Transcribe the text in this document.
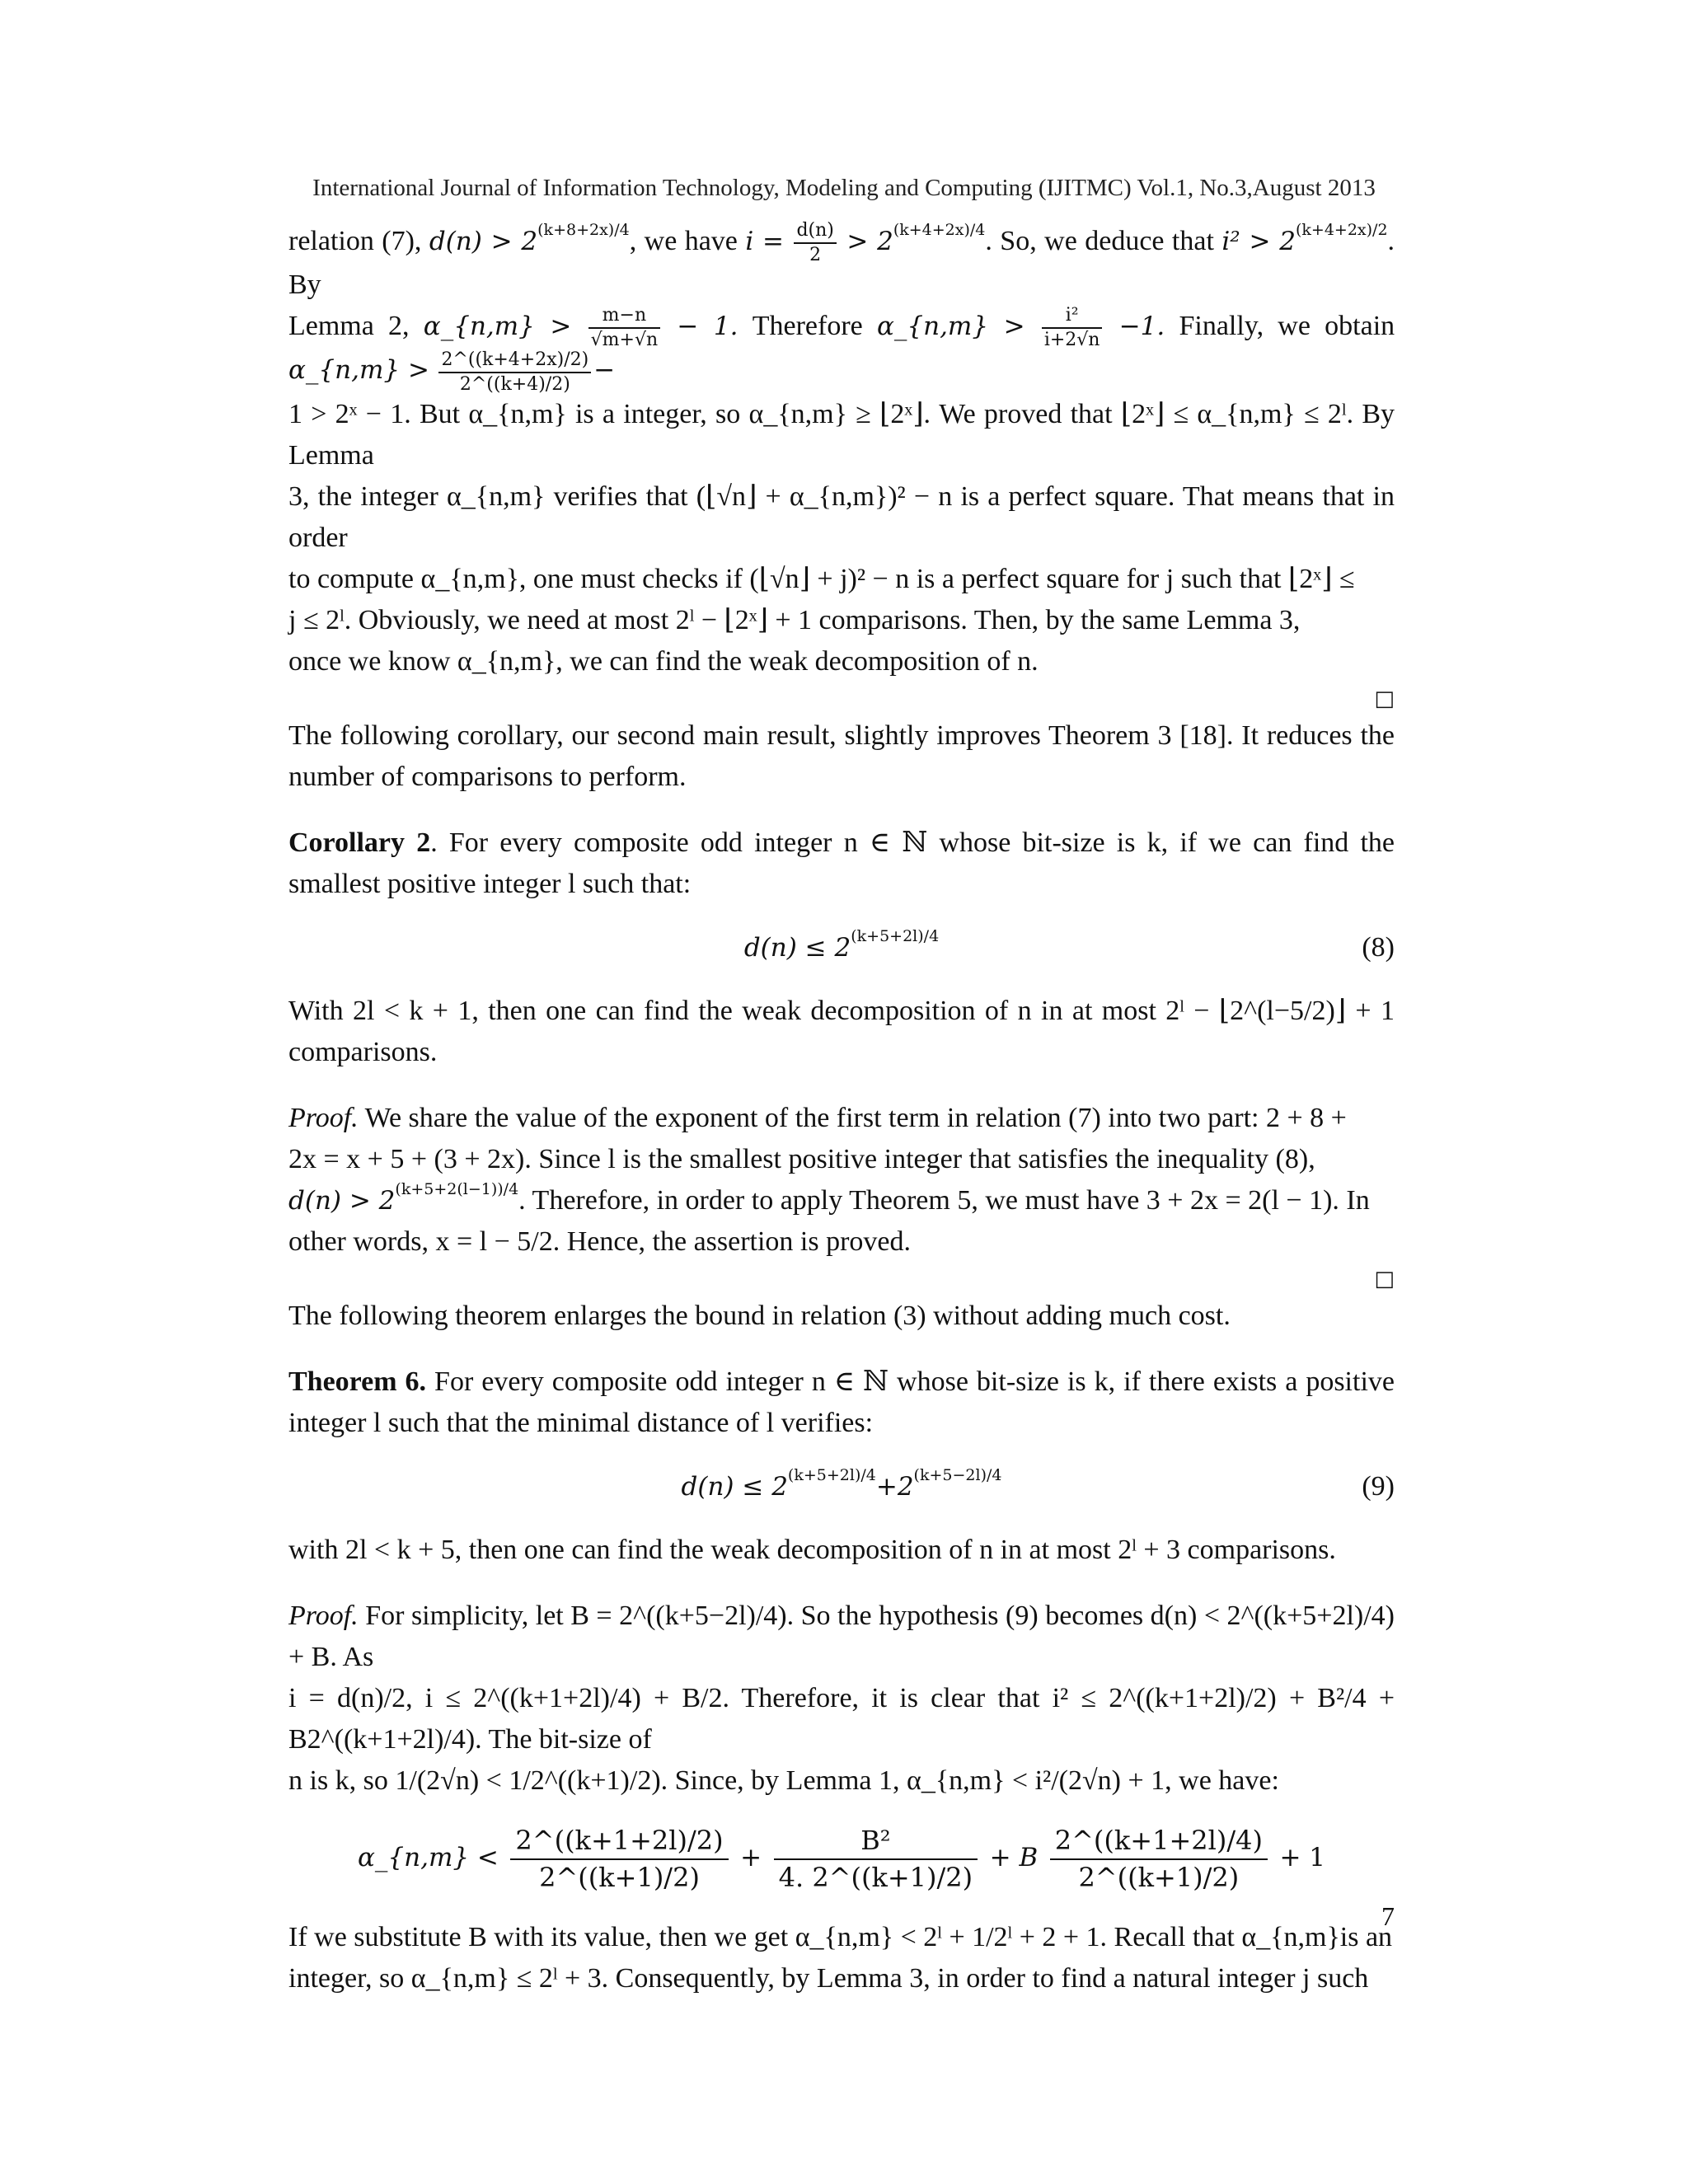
International Journal of Information Technology, Modeling and Computing (IJITMC) Vol.1, No.3,August 2013

relation (7), $d(n) > 2^{(k+8+2x)/4}$, we have $i = \frac{d(n)}{2} > 2^{(k+4+2x)/4}$. So, we deduce that $i^2 > 2^{(k+4+2x)/2}$. By

Lemma 2, α_{n,m} > $\frac{m-n}{√m+√n} - 1$. Therefore α_{n,m} > $\frac{\text{i²}}{i+2√n} -1$. Finally, we obtain α_{n,m} > $\frac{2\^{}((k+4+2x)/2)}{2\^{}((k+4)/2)}$ −

1 > 2ˣ − 1. But α_{n,m} is a integer, so α_{n,m} ≥ ⌊2ˣ⌋. We proved that ⌊2ˣ⌋ ≤ α_{n,m} ≤ 2ˡ. By Lemma

3, the integer α_{n,m} verifies that (⌊√n⌋ + α_{n,m})² − n is a perfect square. That means that in order

to compute α_{n,m}, one must checks if (⌊√n⌋ + j)² − n is a perfect square for j such that ⌊2ˣ⌋ ≤

j ≤ 2ˡ. Obviously, we need at most 2ˡ − ⌊2ˣ⌋ + 1 comparisons. Then, by the same Lemma 3,

once we know α_{n,m}, we can find the weak decomposition of n.

□

The following corollary, our second main result, slightly improves Theorem 3 [18]. It reduces the number of comparisons to perform.

Corollary 2. For every composite odd integer n ∈ ℕ whose bit-size is k, if we can find the smallest positive integer l such that:

$d(n) \le 2^{(k+5+2l)/4}$	(8)

With 2l < k + 1, then one can find the weak decomposition of n in at most 2ˡ − ⌊2^(l−5/2)⌋ + 1 comparisons.

Proof. We share the value of the exponent of the first term in relation (7) into two part: 2 + 8 +

2x = x + 5 + (3 + 2x). Since l is the smallest positive integer that satisfies the inequality (8),

$d(n) > 2^{(k+5+2(l-1))/4}$. Therefore, in order to apply Theorem 5, we must have 3 + 2x = 2(l − 1). In

other words, x = l − 5/2. Hence, the assertion is proved.

□

The following theorem enlarges the bound in relation (3) without adding much cost.

Theorem 6. For every composite odd integer n ∈ ℕ whose bit-size is k, if there exists a positive integer l such that the minimal distance of l verifies:

$d(n) \le 2^{(k+5+2l)/4}+2^{(k+5-2l)/4}$	(9)

with 2l < k + 5, then one can find the weak decomposition of n in at most 2ˡ + 3 comparisons.

Proof. For simplicity, let B = 2^((k+5−2l)/4). So the hypothesis (9) becomes d(n) < 2^((k+5+2l)/4) + B. As

i = d(n)/2, i ≤ 2^((k+1+2l)/4) + B/2. Therefore, it is clear that i² ≤ 2^((k+1+2l)/2) + B²/4 + B2^((k+1+2l)/4). The bit-size of

n is k, so 1/(2√n) < 1/2^((k+1)/2). Since, by Lemma 1, α_{n,m} < i²/(2√n) + 1, we have:

α_{n,m} < $\frac{2\^{}((k+1+2l)/2)}{2\^{}((k+1)/2)} + \frac{\text{B²}}{4. 2\^{}((k+1)/2)} + B \frac{2\^{}((k+1+2l)/4)}{2\^{}((k+1)/2)} + 1$

If we substitute B with its value, then we get α_{n,m} < 2ˡ + 1/2ˡ + 2 + 1. Recall that α_{n,m}is an

integer, so α_{n,m} ≤ 2ˡ + 3. Consequently, by Lemma 3, in order to find a natural integer j such

7
